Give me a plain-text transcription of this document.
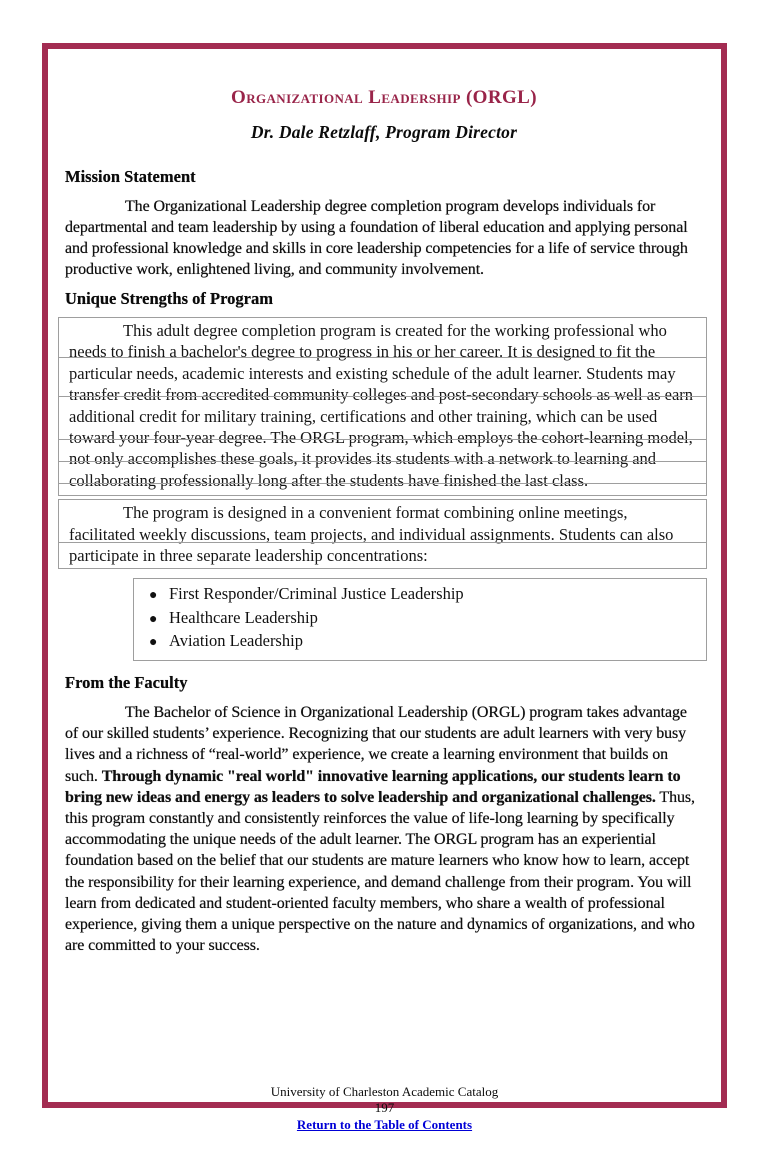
Organizational Leadership (ORGL)
Dr. Dale Retzlaff, Program Director
Mission Statement

The Organizational Leadership degree completion program develops individuals for departmental and team leadership by using a foundation of liberal education and applying personal and professional knowledge and skills in core leadership competencies for a life of service through productive work, enlightened living, and community involvement.

Unique Strengths of Program
This adult degree completion program is created for the working professional who needs to finish a bachelor's degree to progress in his or her career. It is designed to fit the particular needs, academic interests and existing schedule of the adult learner. Students may transfer credit from accredited community colleges and post-secondary schools as well as earn additional credit for military training, certifications and other training, which can be used toward your four-year degree. The ORGL program, which employs the cohort-learning model, not only accomplishes these goals, it provides its students with a network to learning and collaborating professionally long after the students have finished the last class.
The program is designed in a convenient format combining online meetings, facilitated weekly discussions, team projects, and individual assignments. Students can also participate in three separate leadership concentrations:
● First Responder/Criminal Justice Leadership
● Healthcare Leadership
● Aviation Leadership
From the Faculty

The Bachelor of Science in Organizational Leadership (ORGL) program takes advantage of our skilled students’ experience. Recognizing that our students are adult learners with very busy lives and a richness of “real-world” experience, we create a learning environment that builds on such. Through dynamic "real world" innovative learning applications, our students learn to bring new ideas and energy as leaders to solve leadership and organizational challenges. Thus, this program constantly and consistently reinforces the value of life-long learning by specifically accommodating the unique needs of the adult learner. The ORGL program has an experiential foundation based on the belief that our students are mature learners who know how to learn, accept the responsibility for their learning experience, and demand challenge from their program. You will learn from dedicated and student-oriented faculty members, who share a wealth of professional experience, giving them a unique perspective on the nature and dynamics of organizations, and who are committed to your success.

University of Charleston Academic Catalog
197
Return to the Table of Contents
